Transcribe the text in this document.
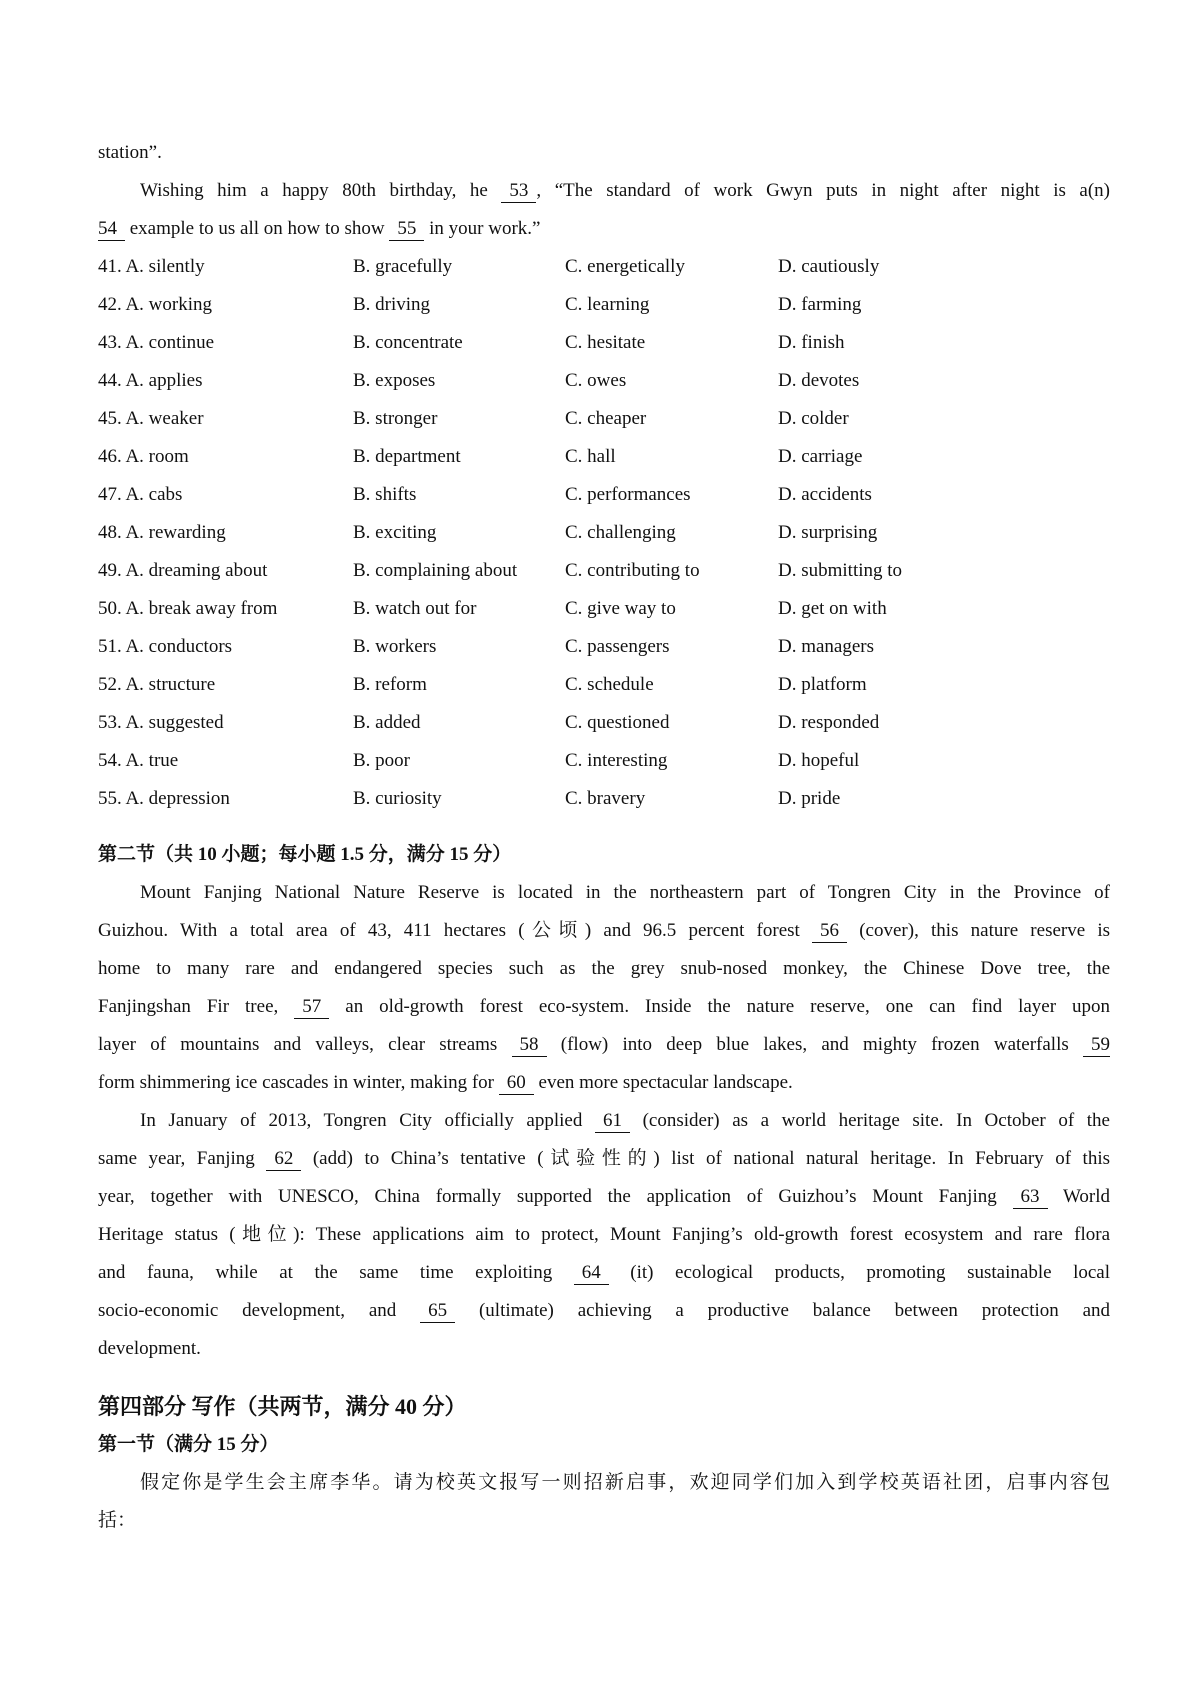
station”.
Wishing him a happy 80th birthday, he 53 , “The standard of work Gwyn puts in night after night is a(n)
54 example to us all on how to show 55 in your work.”
41. A. silently	B. gracefully	C. energetically	D. cautiously
42. A. working	B. driving	C. learning	D. farming
43. A. continue	B. concentrate	C. hesitate	D. finish
44. A. applies	B. exposes	C. owes	D. devotes
45. A. weaker	B. stronger	C. cheaper	D. colder
46. A. room	B. department	C. hall	D. carriage
47. A. cabs	B. shifts	C. performances	D. accidents
48. A. rewarding	B. exciting	C. challenging	D. surprising
49. A. dreaming about	B. complaining about	C. contributing to	D. submitting to
50. A. break away from	B. watch out for	C. give way to	D. get on with
51. A. conductors	B. workers	C. passengers	D. managers
52. A. structure	B. reform	C. schedule	D. platform
53. A. suggested	B. added	C. questioned	D. responded
54. A. true	B. poor	C. interesting	D. hopeful
55. A. depression	B. curiosity	C. bravery	D. pride
第二节（共 10 小题；每小题 1.5 分，满分 15 分）
Mount Fanjing National Nature Reserve is located in the northeastern part of Tongren City in the Province of
Guizhou. With a total area of 43, 411 hectares (公顷) and 96.5 percent forest 56 (cover), this nature reserve is
home to many rare and endangered species such as the grey snub-nosed monkey, the Chinese Dove tree, the
Fanjingshan Fir tree, 57 an old-growth forest eco-system. Inside the nature reserve, one can find layer upon
layer of mountains and valleys, clear streams 58 (flow) into deep blue lakes, and mighty frozen waterfalls 59
form shimmering ice cascades in winter, making for 60 even more spectacular landscape.
In January of 2013, Tongren City officially applied 61 (consider) as a world heritage site. In October of the
same year, Fanjing 62 (add) to China’s tentative (试验性的) list of national natural heritage. In February of this
year, together with UNESCO, China formally supported the application of Guizhou’s Mount Fanjing 63 World
Heritage status (地位): These applications aim to protect, Mount Fanjing’s old-growth forest ecosystem and rare flora
and fauna, while at the same time exploiting 64 (it) ecological products, promoting sustainable local
socio-economic development, and 65 (ultimate) achieving a productive balance between protection and
development.
第四部分 写作（共两节，满分 40 分）
第一节（满分 15 分）
假定你是学生会主席李华。请为校英文报写一则招新启事，欢迎同学们加入到学校英语社团，启事内容包
括：
